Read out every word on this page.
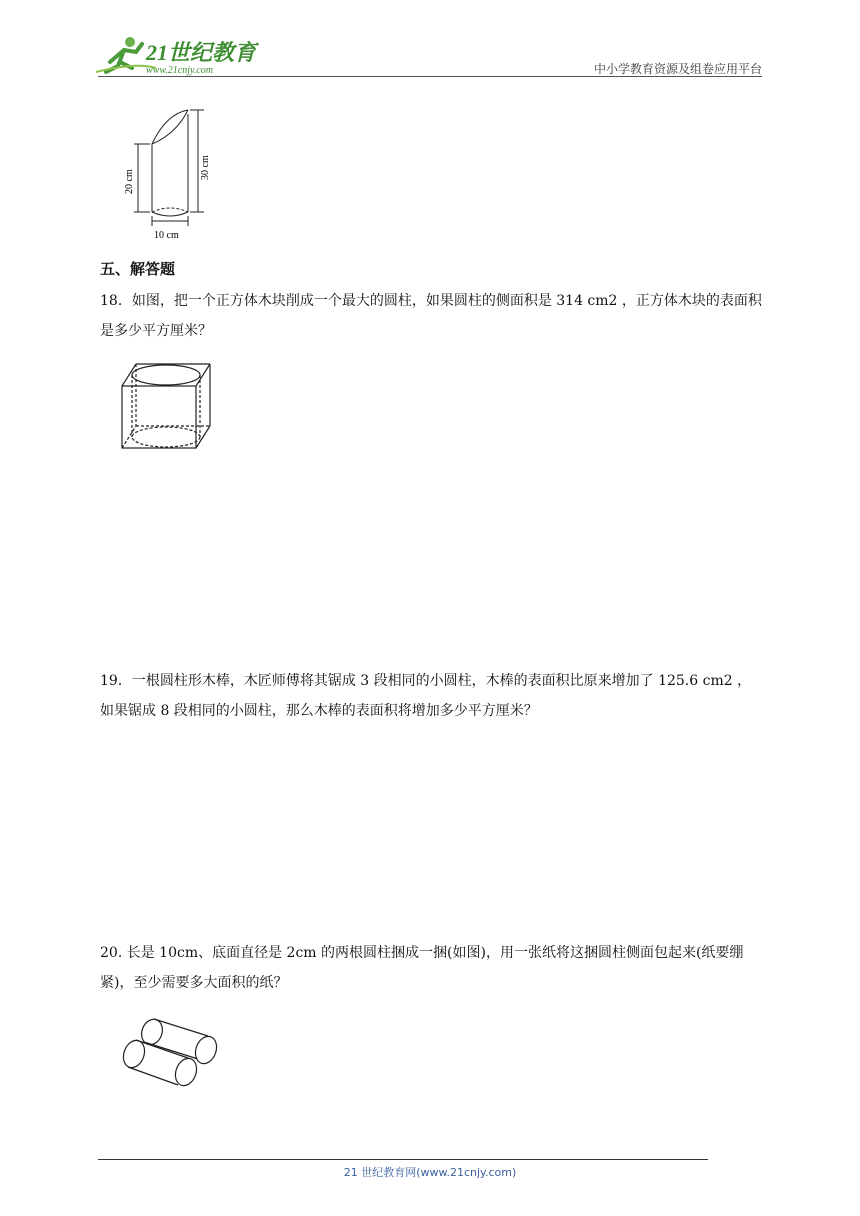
21世纪教育
www.21cnjy.com	中小学教育资源及组卷应用平台
20 cm
30 cm
10 cm
五、解答题
18．如图，把一个正方体木块削成一个最大的圆柱，如果圆柱的侧面积是 314 cm2 ，正方体木块的表面积是多少平方厘米？
19．一根圆柱形木棒，木匠师傅将其锯成 3 段相同的小圆柱，木棒的表面积比原来增加了 125.6 cm2 ，如果锯成 8 段相同的小圆柱，那么木棒的表面积将增加多少平方厘米？
20. 长是 10cm、底面直径是 2cm 的两根圆柱捆成一捆(如图)，用一张纸将这捆圆柱侧面包起来(纸要绷紧)，至少需要多大面积的纸？
21 世纪教育网(www.21cnjy.com)
